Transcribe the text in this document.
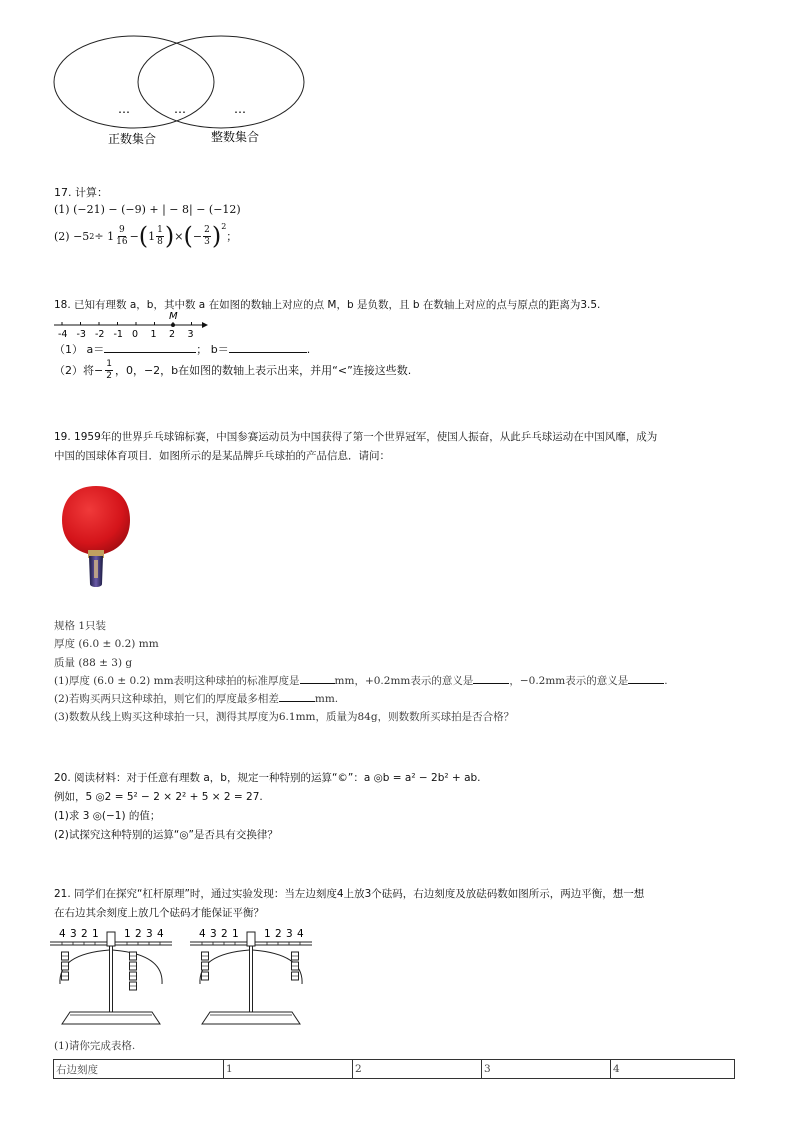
…	…	…
正数集合	整数集合
17. 计算：
(1) (−21) − (−9) + | − 8| − (−12)
(2) −5 $2 \div 1 \frac{9}{16}$ − ( $1 \frac{1}{8}$ ) × ( − $\frac{2}{3} )^2$
；
18. 已知有理数 a，b，其中数 a 在如图的数轴上对应的点 M，b 是负数，且 b 在数轴上对应的点与原点的距离为3.5.
-4 -3 -2 -1 0 1 2 3
M
（1） a＝	； b＝	.
（2）将− $\frac{1}{2}$ ，0，−2，b在如图的数轴上表示出来，并用“<”连接这些数.
19. 1959年的世界乒乓球锦标赛，中国参赛运动员为中国获得了第一个世界冠军，使国人振奋，从此乒乓球运动在中国风靡，成为
中国的国球体育项目．如图所示的是某品牌乒乓球拍的产品信息．请问：
规格 1只装
厚度 (6.0 ± 0.2) mm
质量 (88 ± 3) g
(1)厚度 (6.0 ± 0.2) mm表明这种球拍的标准厚度是	mm，+0.2mm表示的意义是	，−0.2mm表示的意义是	.
(2)若购买两只这种球拍，则它们的厚度最多相差	mm.
(3)数数从线上购买这种球拍一只，测得其厚度为6.1mm，质量为84g，则数数所买球拍是否合格？
20. 阅读材料：对于任意有理数 a，b，规定一种特别的运算“©”：a ◎b = a² − 2b² + ab.
例如，5 ◎2 = 5² − 2 × 2² + 5 × 2 = 27.
(1)求 3 ◎(−1) 的值；
(2)试探究这种特别的运算“◎”是否具有交换律？
21. 同学们在探究“杠杆原理”时，通过实验发现：当左边刻度4上放3个砝码，右边刻度及放砝码数如图所示，两边平衡，想一想
在右边其余刻度上放几个砝码才能保证平衡？
4 3 2 1 1 2 3 4	4 3 2 1 1 2 3 4
(1)请你完成表格.
右边刻度	1	2	3	4
